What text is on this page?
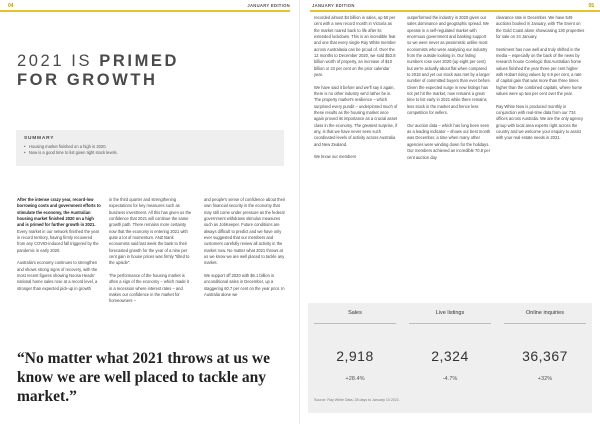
04	JANUARY EDITION
2021 IS PRIMED
FOR GROWTH
SUMMARY
• Housing market finished on a high in 2020.
• Now is a good time to list given tight stock levels.

After the intense crazy year, record-low borrowing costs and government efforts to stimulate the economy, the Australian housing market finished 2020 on a high and is primed for further growth in 2021. Every market in our network finished the year in record territory, having firmly recovered from any COVID-induced fall triggered by the pandemic in early 2020.

Australia's economy continues to strengthen and shows strong signs of recovery, with the most recent figures showing Noosa Heads' national home sales rose at a record level, a stronger than expected pick-up in growth

in the third quarter and strengthening expectations for key measures such as business investment. All this has given us the confidence that 2021 will continue the same growth path. There remains more certainty now that the economy is entering 2021 with quite a lot of momentum. ANZ Bank economists said last week the bank to their forecasted growth for the year of a nine per cent gain in house prices was firmly "tilted to the upside".

The performance of the housing market is often a sign of the economy – which made it in a recession where interest rates – and makes our confidence in the market for homeowners –

and people's sense of confidence about their own financial security in the economy that may still come under pressure as the federal government withdraws stimulus measures such as JobKeeper. Future conditions are always difficult to predict and we have only ever suggested that our members and customers carefully review all activity in the market now. No matter what 2021 throws at us we know we are well placed to tackle any market.

We support off 2020 with $6.1 billion in unconditional sales in December, up a staggering 60.7 per cent on the year prior. In Australia alone we

“No matter what 2021 throws at us we know we are well placed to tackle any market.”
JANUARY EDITION	05

recorded almost $4 billion in sales, up 50 per cent with a new record month in Victoria as the market roared back to life after its extended lockdown. This is an incredible feat and one that every single Ray White member across Australasia can be proud of. Over the 12 months to December 2020, we sold $53.8 billion worth of property, an increase of $10 billion or 23 per cent on the prior calendar year.

We have said it before and we'll say it again, there is no other industry we'd rather be in. The property market's resilience – which surprised every pundit – underpinned much of these results as the housing market once again proved its importance as a crucial asset class in the economy. The greatest surprise, if any, is that we have never seen such coordinated levels of activity across Australia and New Zealand.

We know our members

outperformed the industry in 2020 given our sales dominance and geographic spread. We operate in a self-regulated market with enormous government and banking support so we were never as pessimistic unlike most economists who were analysing our industry from the outside looking in. Our listing numbers rose over 2020 (up eight per cent) but we're actually about flat when compared to 2018 and yet our stock was met by a larger number of committed buyers than ever before. Given the expected surge in new listings has not yet hit the market, now remains a great time to list early in 2021 while there remains less stock in the market and hence less competition for sellers.

Our auction data – which has long been seen as a leading indicator – shows our best month was December, a time when many other agencies were winding down for the holidays. Our members achieved an incredible 70.8 per cent auction day

clearance rate in December. We have 549 auctions booked in January, with The Event on the Gold Coast alone showcasing 130 properties for sale on 24 January.

Sentiment has now well and truly shifted in the media – especially on the back of the news by research house Corelogic that Australian home values finished the year three per cent higher with Hobart rising values by 6.9 per cent, a rate of capital gain that was more than three times higher than the combined capitals, where home values were up two per cent over the year.

Ray White Now is produced monthly in conjunction with real-time data from our 734 offices across Australia. We are the only agency group with local area experts right across the country and we welcome your enquiry to assist with your real estate needs in 2021.

Sales
2,918
+28.4%
Live listings
2,324
-4.7%
Online inquiries
36,367
+32%
Source: Ray White Data, 28 days to January 10 2021.
